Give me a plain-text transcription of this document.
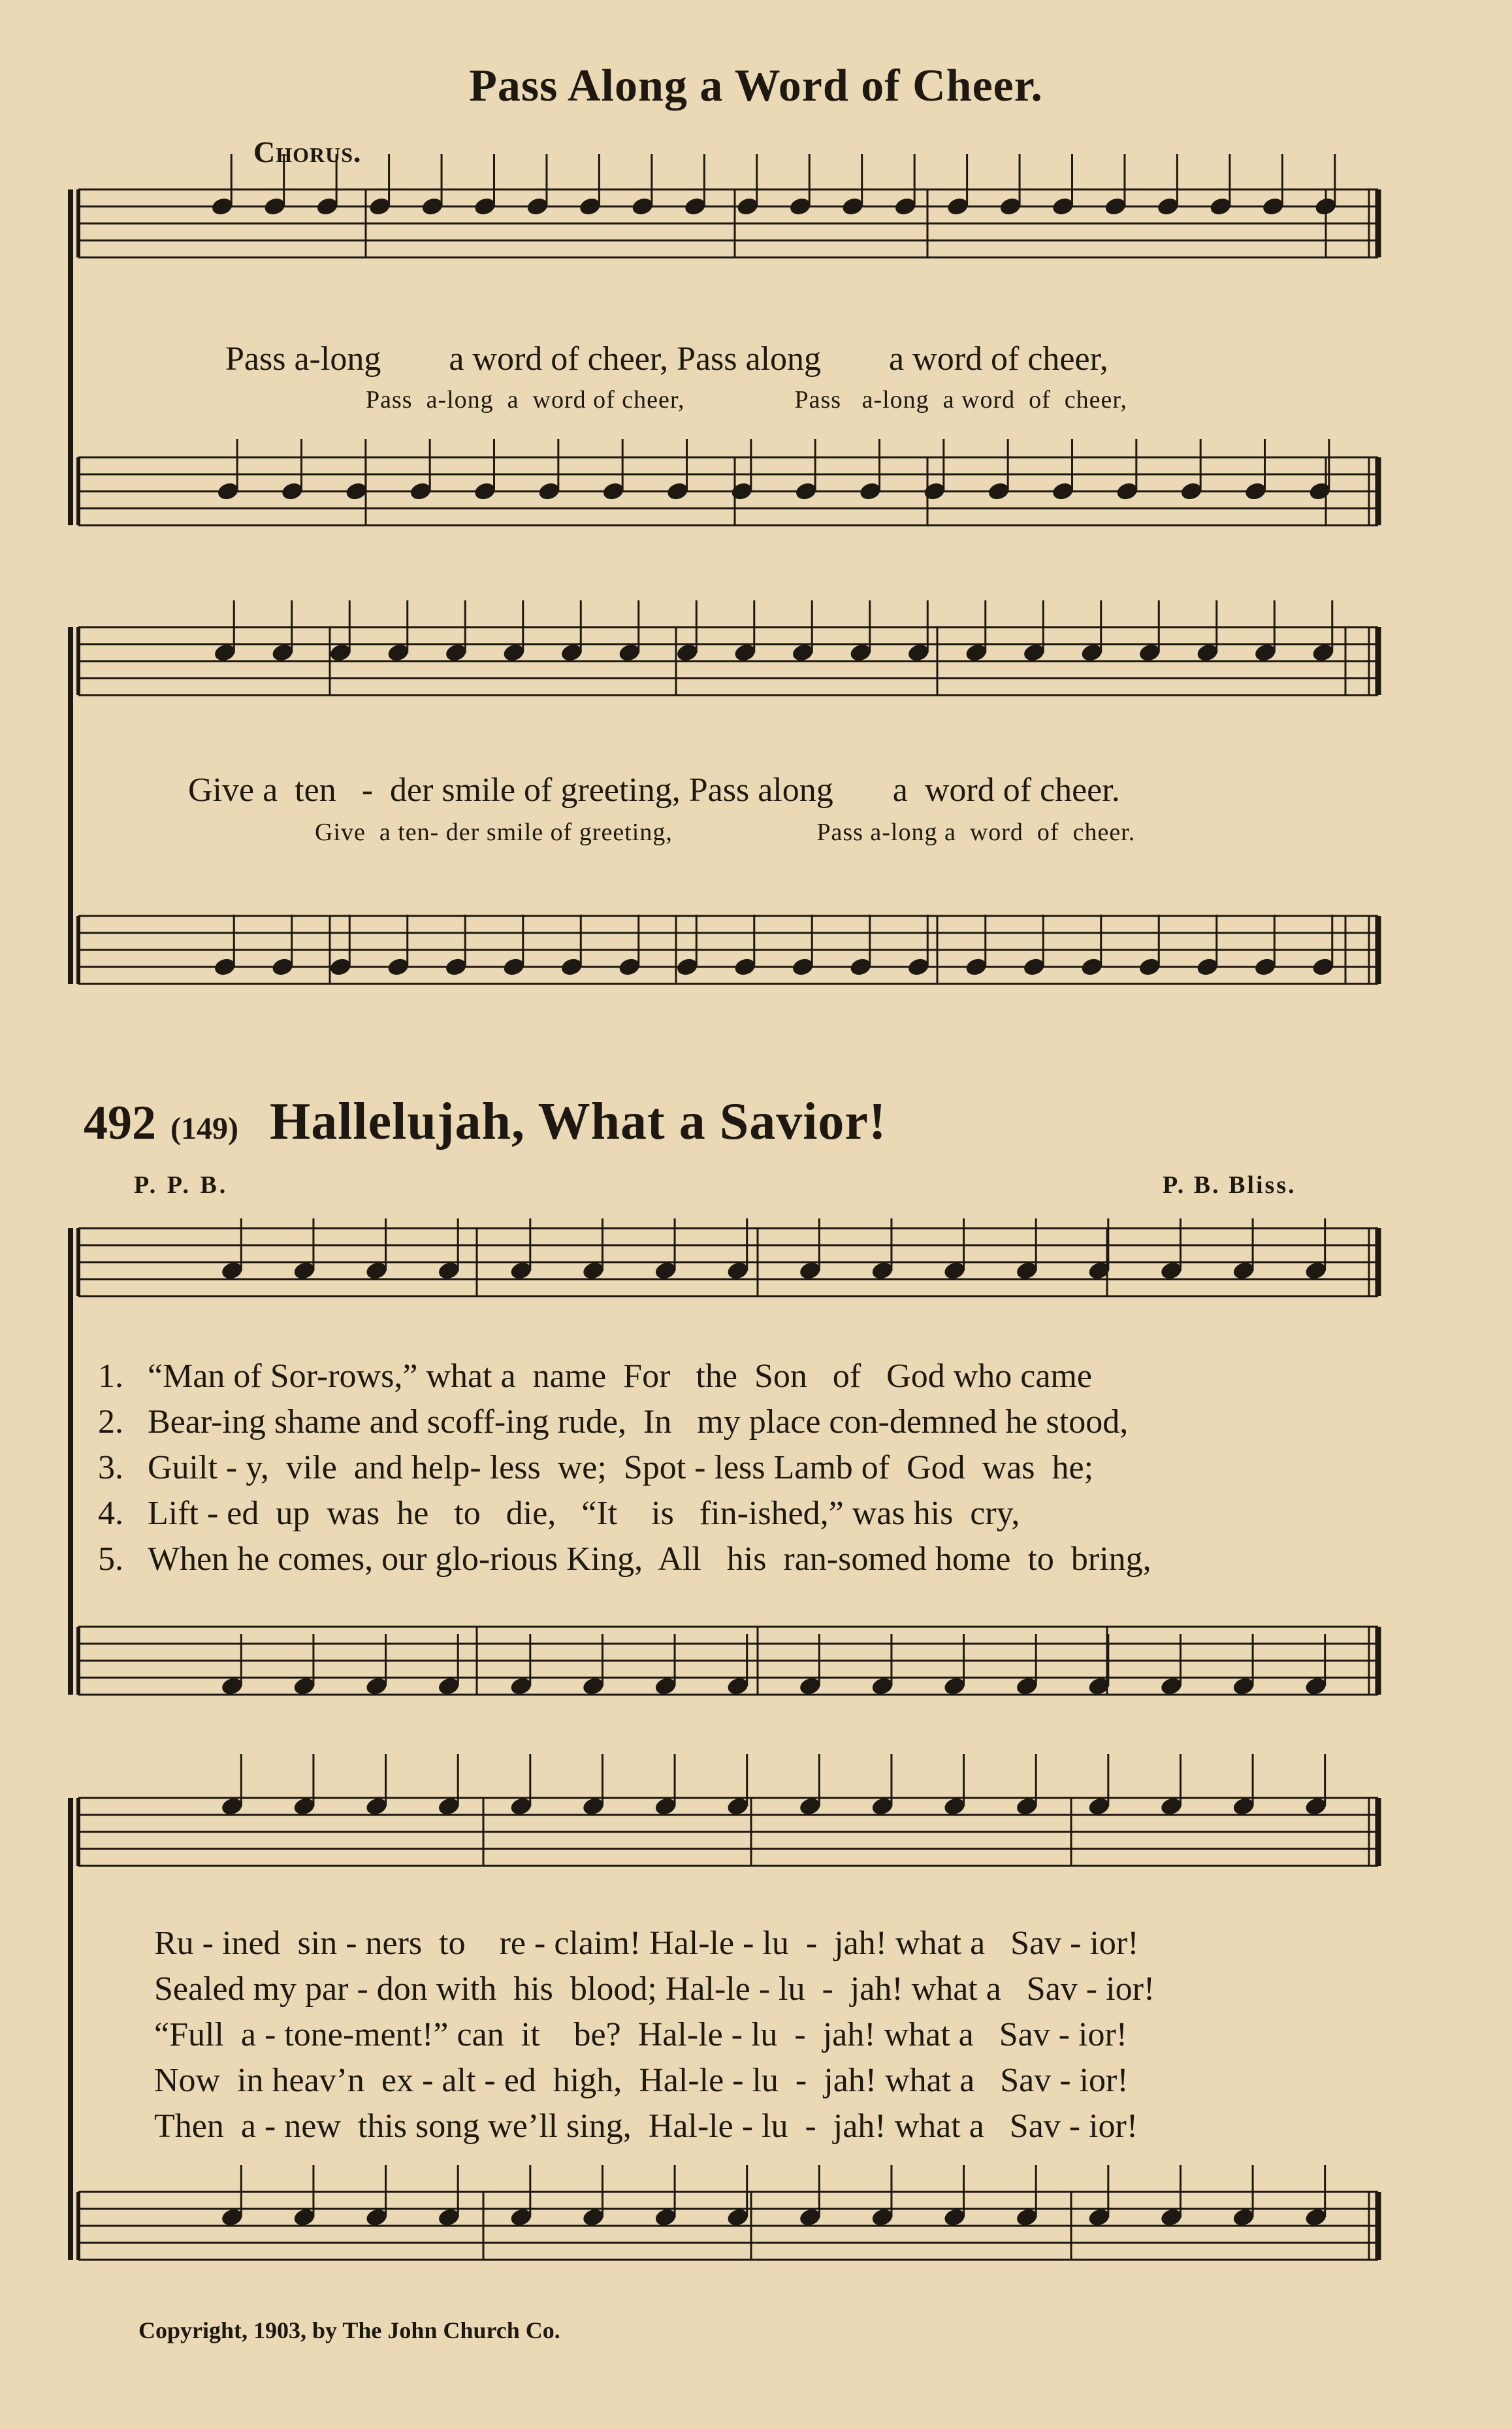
Pass Along a Word of Cheer.
Chorus.
Pass a-long        a word of cheer, Pass along        a word of cheer,
Pass  a-long  a  word of cheer,                Pass   a-long  a word  of  cheer,
Give a  ten   -  der smile of greeting, Pass along       a  word of cheer.
Give  a ten- der smile of greeting,                     Pass a-long a  word  of  cheer.
492 (149) Hallelujah, What a Savior!
P. P. B.	P. B. Bliss.
1. “Man of Sor-rows,” what a  name  For   the  Son   of   God who came
2. Bear-ing shame and scoff-ing rude,  In   my place con-demned he stood,
3. Guilt - y,  vile  and help- less  we;  Spot - less Lamb of  God  was  he;
4. Lift - ed  up  was  he   to   die,   “It    is   fin-ished,” was his  cry,
5. When he comes, our glo-rious King,  All   his  ran-somed home  to  bring,
Ru - ined  sin - ners  to    re - claim! Hal-le - lu  -  jah! what a   Sav - ior!
Sealed my par - don with  his  blood; Hal-le - lu  -  jah! what a   Sav - ior!
“Full  a - tone-ment!” can  it    be?  Hal-le - lu  -  jah! what a   Sav - ior!
Now  in heav’n  ex - alt - ed  high,  Hal-le - lu  -  jah! what a   Sav - ior!
Then  a - new  this song we’ll sing,  Hal-le - lu  -  jah! what a   Sav - ior!
Copyright, 1903, by The John Church Co.
